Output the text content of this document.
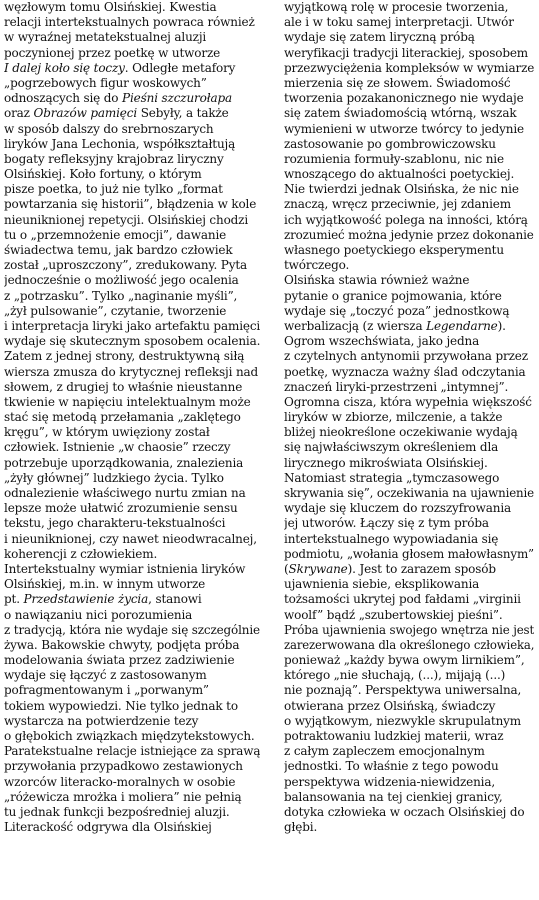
węzłowym tomu Olsińskiej. Kwestia
relacji intertekstualnych powraca również
w wyraźnej metatekstualnej aluzji
poczynionej przez poetkę w utworze
I dalej koło się toczy. Odległe metafory
„pogrzebowych figur woskowych”
odnoszących się do Pieśni szczurołapa
oraz Obrazów pamięci Sebyły, a także
w sposób dalszy do srebrnoszarych
liryków Jana Lechonia, współkształtują
bogaty refleksyjny krajobraz liryczny
Olsińskiej. Koło fortuny, o którym
pisze poetka, to już nie tylko „format
powtarzania się historii”, błądzenia w kole
nieuniknionej repetycji. Olsińskiej chodzi
tu o „przemnożenie emocji”, dawanie
świadectwa temu, jak bardzo człowiek
został „uproszczony”, zredukowany. Pyta
jednocześnie o możliwość jego ocalenia
z „potrzasku”. Tylko „naginanie myśli”,
„żył pulsowanie”, czytanie, tworzenie
i interpretacja liryki jako artefaktu pamięci
wydaje się skutecznym sposobem ocalenia.
Zatem z jednej strony, destruktywną siłą
wiersza zmusza do krytycznej refleksji nad
słowem, z drugiej to właśnie nieustanne
tkwienie w napięciu intelektualnym może
stać się metodą przełamania „zaklętego
kręgu”, w którym uwięziony został
człowiek. Istnienie „w chaosie” rzeczy
potrzebuje uporządkowania, znalezienia
„żyły głównej” ludzkiego życia. Tylko
odnalezienie właściwego nurtu zmian na
lepsze może ułatwić zrozumienie sensu
tekstu, jego charakteru-tekstualności
i nieuniknionej, czy nawet nieodwracalnej,
koherencji z człowiekiem.
Intertekstualny wymiar istnienia liryków
Olsińskiej, m.in. w innym utworze
pt. Przedstawienie życia, stanowi
o nawiązaniu nici porozumienia
z tradycją, która nie wydaje się szczególnie
żywa. Bakowskie chwyty, podjęta próba
modelowania świata przez zadziwienie
wydaje się łączyć z zastosowanym
pofragmentowanym i „porwanym”
tokiem wypowiedzi. Nie tylko jednak to
wystarcza na potwierdzenie tezy
o głębokich związkach międzytekstowych.
Paratekstualne relacje istniejące za sprawą
przywołania przypadkowo zestawionych
wzorców literacko-moralnych w osobie
„różewicza mrożka i moliera” nie pełnią
tu jednak funkcji bezpośredniej aluzji.
Literackość odgrywa dla Olsińskiej
wyjątkową rolę w procesie tworzenia,
ale i w toku samej interpretacji. Utwór
wydaje się zatem liryczną próbą
weryfikacji tradycji literackiej, sposobem
przezwyciężenia kompleksów w wymiarze
mierzenia się ze słowem. Świadomość
tworzenia pozakanonicznego nie wydaje
się zatem świadomością wtórną, wszak
wymienieni w utworze twórcy to jedynie
zastosowanie po gombrowiczowsku
rozumienia formuły-szablonu, nic nie
wnoszącego do aktualności poetyckiej.
Nie twierdzi jednak Olsińska, że nic nie
znaczą, wręcz przeciwnie, jej zdaniem
ich wyjątkowość polega na inności, którą
zrozumieć można jedynie przez dokonanie
własnego poetyckiego eksperymentu
twórczego.
Olsińska stawia również ważne
pytanie o granice pojmowania, które
wydaje się „toczyć poza” jednostkową
werbalizacją (z wiersza Legendarne).
Ogrom wszechświata, jako jedna
z czytelnych antynomii przywołana przez
poetkę, wyznacza ważny ślad odczytania
znaczeń liryki-przestrzeni „intymnej”.
Ogromna cisza, która wypełnia większość
liryków w zbiorze, milczenie, a także
bliżej nieokreślone oczekiwanie wydają
się najwłaściwszym określeniem dla
lirycznego mikroświata Olsińskiej.
Natomiast strategia „tymczasowego
skrywania się”, oczekiwania na ujawnienie
wydaje się kluczem do rozszyfrowania
jej utworów. Łączy się z tym próba
intertekstualnego wypowiadania się
podmiotu, „wołania głosem małowłasnym”
(Skrywane). Jest to zarazem sposób
ujawnienia siebie, eksplikowania
tożsamości ukrytej pod fałdami „virginii
woolf” bądź „szubertowskiej pieśni”.
Próba ujawnienia swojego wnętrza nie jest
zarezerwowana dla określonego człowieka,
ponieważ „każdy bywa owym lirnikiem”,
którego „nie słuchają, (...), mijają (...)
nie poznają”. Perspektywa uniwersalna,
otwierana przez Olsińską, świadczy
o wyjątkowym, niezwykle skrupulatnym
potraktowaniu ludzkiej materii, wraz
z całym zapleczem emocjonalnym
jednostki. To właśnie z tego powodu
perspektywa widzenia-niewidzenia,
balansowania na tej cienkiej granicy,
dotyka człowieka w oczach Olsińskiej do
głębi.
